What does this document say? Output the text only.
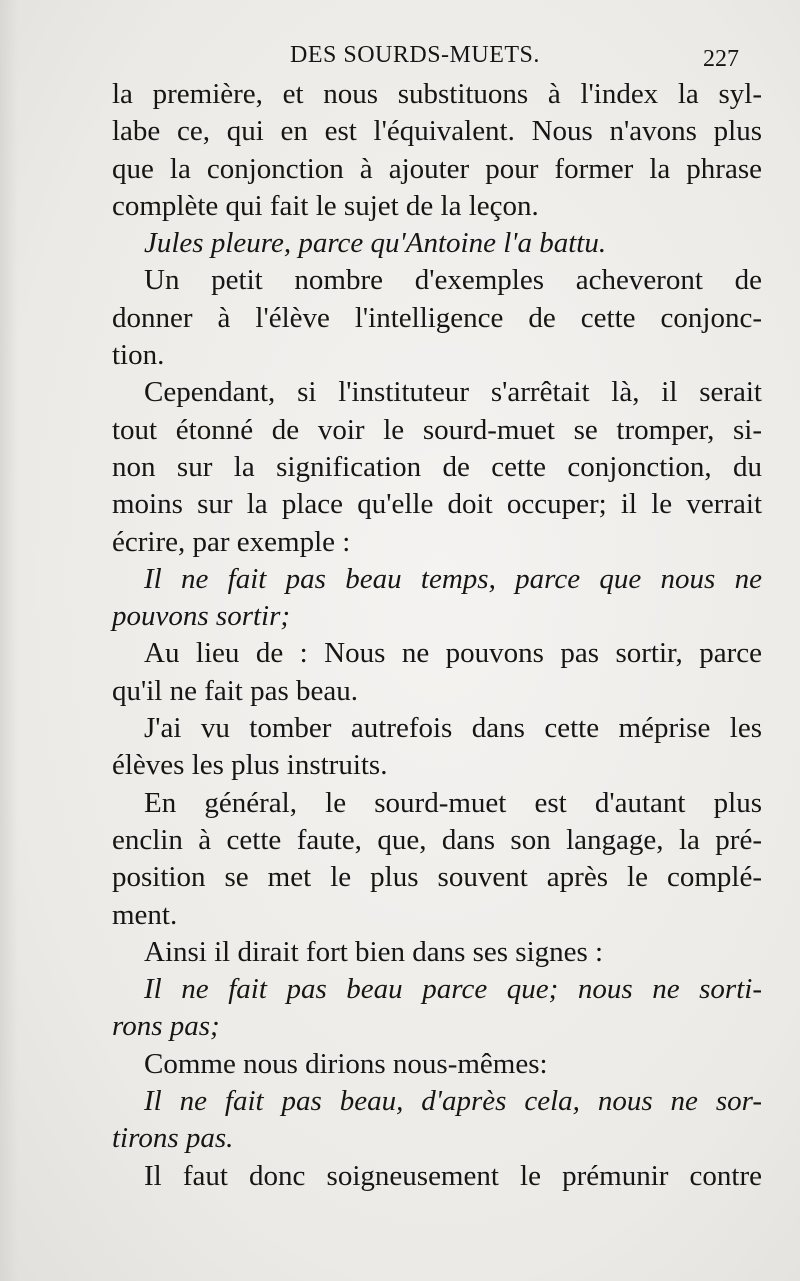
DES SOURDS-MUETS.	227
la première, et nous substituons à l'index la syl-
labe ce, qui en est l'équivalent. Nous n'avons plus
que la conjonction à ajouter pour former la phrase
complète qui fait le sujet de la leçon.
Jules pleure, parce qu'Antoine l'a battu.
Un petit nombre d'exemples acheveront de
donner à l'élève l'intelligence de cette conjonc-
tion.
Cependant, si l'instituteur s'arrêtait là, il serait
tout étonné de voir le sourd-muet se tromper, si-
non sur la signification de cette conjonction, du
moins sur la place qu'elle doit occuper; il le verrait
écrire, par exemple :
Il ne fait pas beau temps, parce que nous ne
pouvons sortir;
Au lieu de : Nous ne pouvons pas sortir, parce
qu'il ne fait pas beau.
J'ai vu tomber autrefois dans cette méprise les
élèves les plus instruits.
En général, le sourd-muet est d'autant plus
enclin à cette faute, que, dans son langage, la pré-
position se met le plus souvent après le complé-
ment.
Ainsi il dirait fort bien dans ses signes :
Il ne fait pas beau parce que; nous ne sorti-
rons pas;
Comme nous dirions nous-mêmes:
Il ne fait pas beau, d'après cela, nous ne sor-
tirons pas.
Il faut donc soigneusement le prémunir contre
